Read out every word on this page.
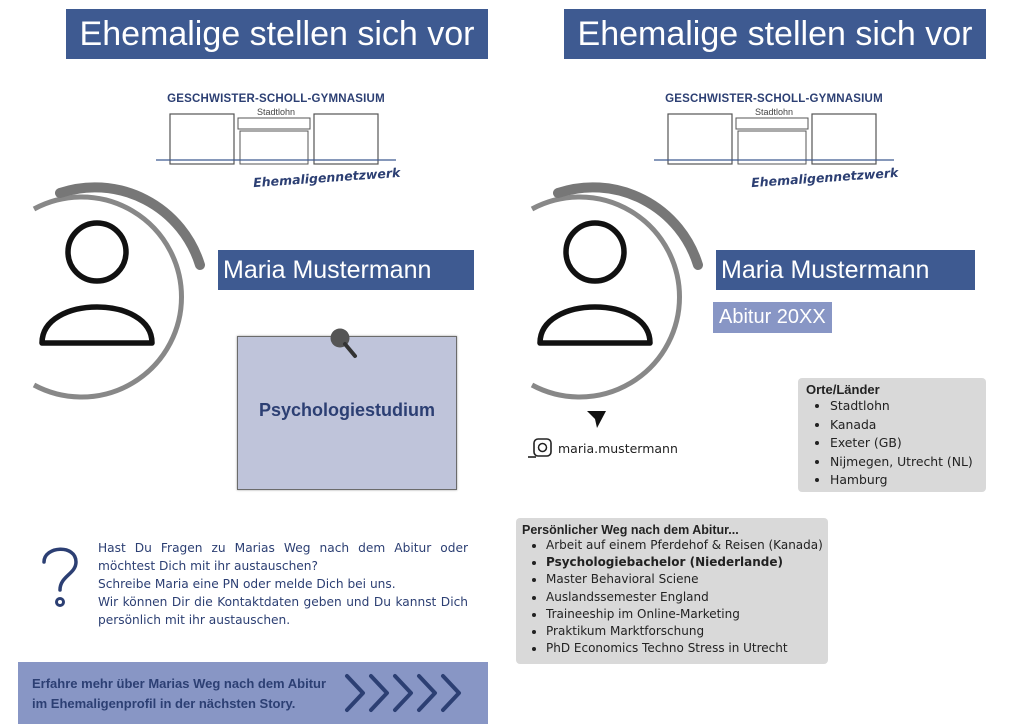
Ehemalige stellen sich vor
GESCHWISTER-SCHOLL-GYMNASIUM
Stadtlohn
Ehemaligennetzwerk
Maria Mustermann
Psychologiestudium

Hast Du Fragen zu Marias Weg nach dem Abitur oder möchtest Dich mit ihr austauschen?

Schreibe Maria eine PN oder melde Dich bei uns.

Wir können Dir die Kontaktdaten geben und Du kannst Dich persönlich mit ihr austauschen.

Erfahre mehr über Marias Weg nach dem Abitur
im Ehemaligenprofil in der nächsten Story.
Ehemalige stellen sich vor
GESCHWISTER-SCHOLL-GYMNASIUM
Stadtlohn
Ehemaligennetzwerk
Maria Mustermann
Abitur 20XX
maria.mustermann
Orte/Länder
• Stadtlohn
• Kanada
• Exeter (GB)
• Nijmegen, Utrecht (NL)
• Hamburg
Persönlicher Weg nach dem Abitur...
• Arbeit auf einem Pferdehof & Reisen (Kanada)
• Psychologiebachelor (Niederlande)
• Master Behavioral Sciene
• Auslandssemester England
• Traineeship im Online-Marketing
• Praktikum Marktforschung
• PhD Economics Techno Stress in Utrecht
